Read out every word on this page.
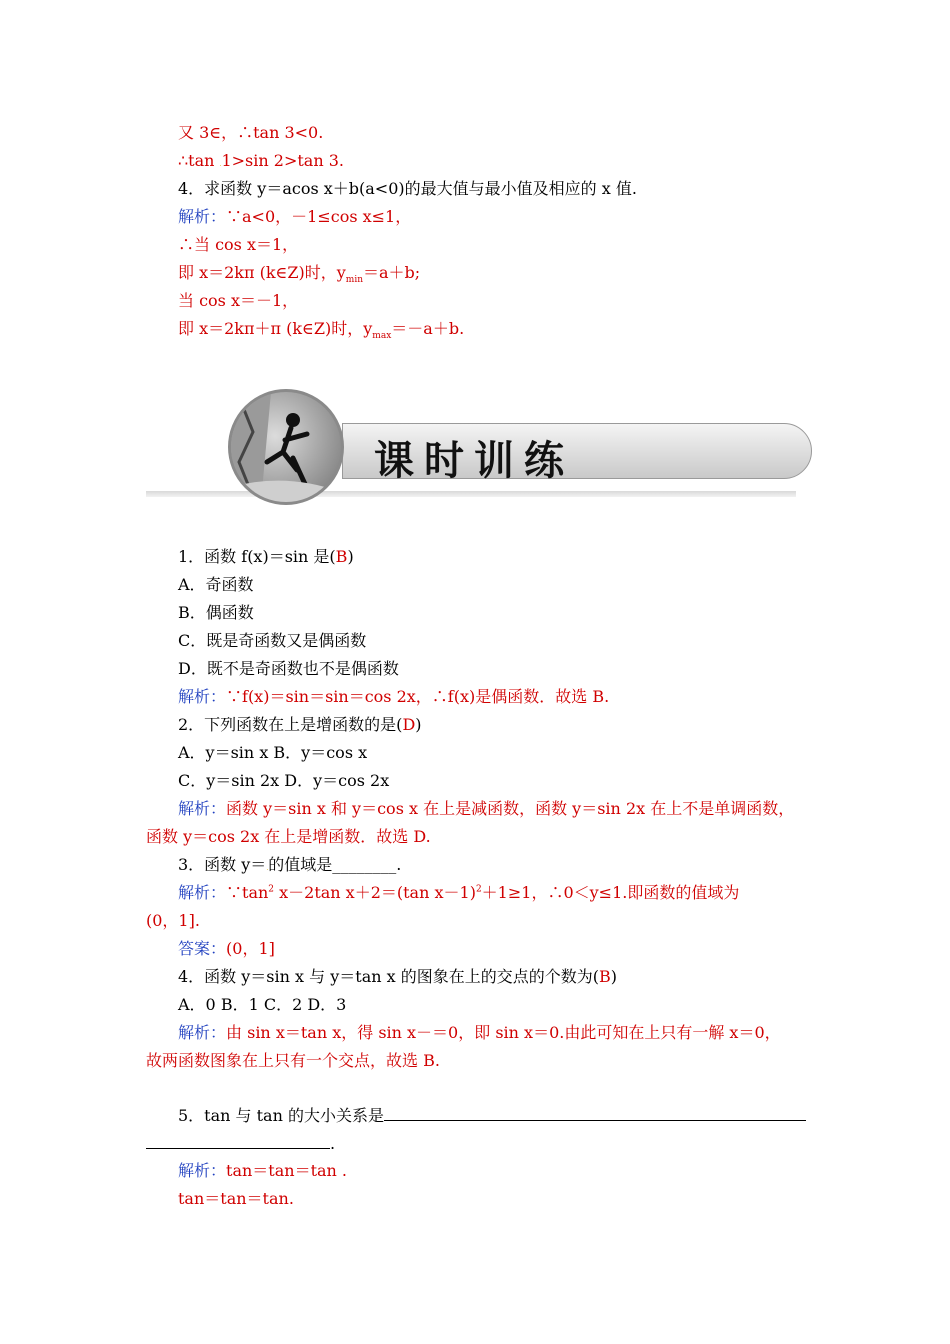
又 3∈，∴tan 3<0.
∴tan .1>sin 2>tan 3.
4．求函数 y＝acos x＋b(a<0)的最大值与最小值及相应的 x 值.
解析：∵a<0，－1≤cos x≤1，
∴当 cos x＝1，
即 x＝2kπ (k∈Z)时，$y_{min}=a+b$;
当 cos x＝－1，
即 x＝2kπ＋π (k∈Z)时，$y_{max}=-a+b$.
课时训练
1．函数 f(x)＝sin 是(B)
A．奇函数
B．偶函数
C．既是奇函数又是偶函数
D．既不是奇函数也不是偶函数
解析：∵f(x)＝sin＝sin＝cos 2x，∴f(x)是偶函数．故选 B.
2．下列函数在上是增函数的是(D)
A．y＝sin x B．y＝cos x
C．y＝sin 2x D．y＝cos 2x
解析：函数 y＝sin x 和 y＝cos x 在上是减函数，函数 y＝sin 2x 在上不是单调函数，
函数 y＝cos 2x 在上是增函数．故选 D.
3．函数 y＝.的值域是________.
解析：$\because\tan^2$ x－2tan x＋2＝(tan x－1)$^2$＋1≥1，∴0＜y≤1.即函数的值域为
(0，1].
答案：(0，1]
4．函数 y＝sin x 与 y＝tan x 的图象在上的交点的个数为(B)
A．0 B．1 C．2 D．3
解析：由 sin x＝tan x，得 sin x－＝0，即 sin x＝0.由此可知在上只有一解 x＝0，
故两函数图象在上只有一个交点，故选 B.
5．tan 与 tan 的大小关系是
.
解析：tan＝tan＝tan .
tan＝tan＝tan.
